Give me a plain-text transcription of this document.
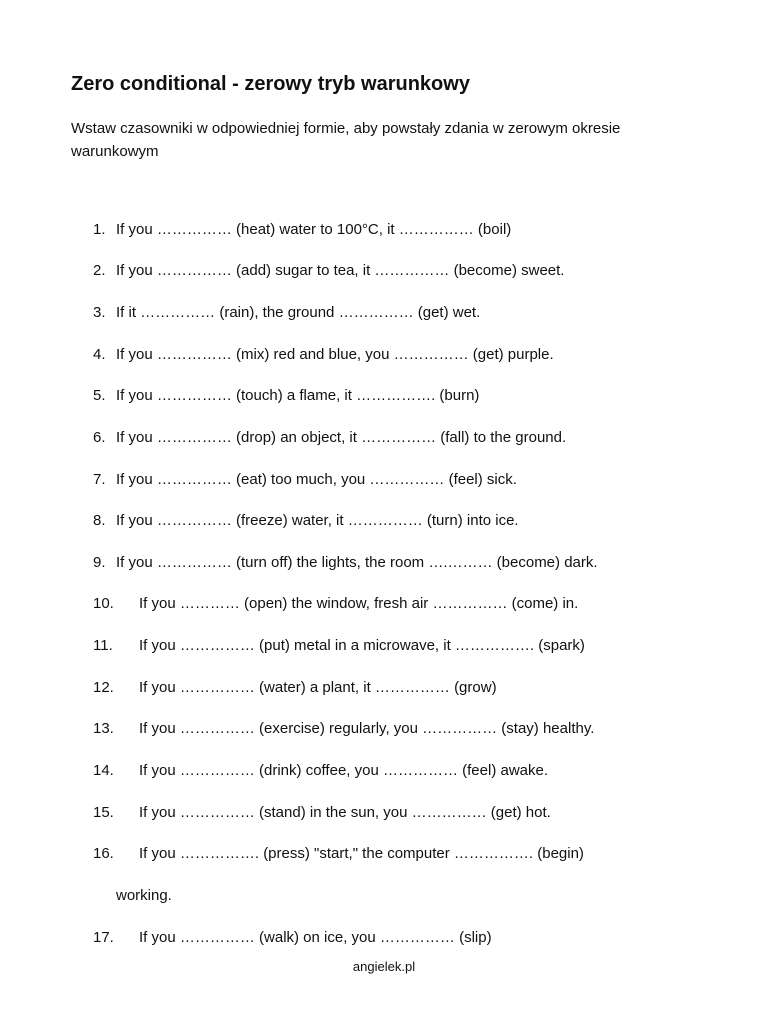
Zero conditional - zerowy tryb warunkowy

Wstaw czasowniki w odpowiedniej formie, aby powstały zdania w zerowym okresie warunkowym

1. If you …………… (heat) water to 100°C, it …………… (boil)
2. If you …………… (add) sugar to tea, it …………… (become) sweet.
3. If it …………… (rain), the ground …………… (get) wet.
4. If you …………… (mix) red and blue, you …………… (get) purple.
5. If you …………… (touch) a flame, it ……………. (burn)
6. If you …………… (drop) an object, it …………… (fall) to the ground.
7. If you …………… (eat) too much, you …………… (feel) sick.
8. If you …………… (freeze) water, it …………… (turn) into ice.
9. If you …………… (turn off) the lights, the room ….……… (become) dark.
10. If you ………… (open) the window, fresh air …………… (come) in.
11. If you …………… (put) metal in a microwave, it ……………. (spark)
12. If you …………… (water) a plant, it …………… (grow)
13. If you …………… (exercise) regularly, you …………… (stay) healthy.
14. If you …………… (drink) coffee, you …………… (feel) awake.
15. If you …………… (stand) in the sun, you …………… (get) hot.
16. If you ……………. (press) "start," the computer ……………. (begin)
17. If you …………… (walk) on ice, you …………… (slip)
working.
angielek.pl
